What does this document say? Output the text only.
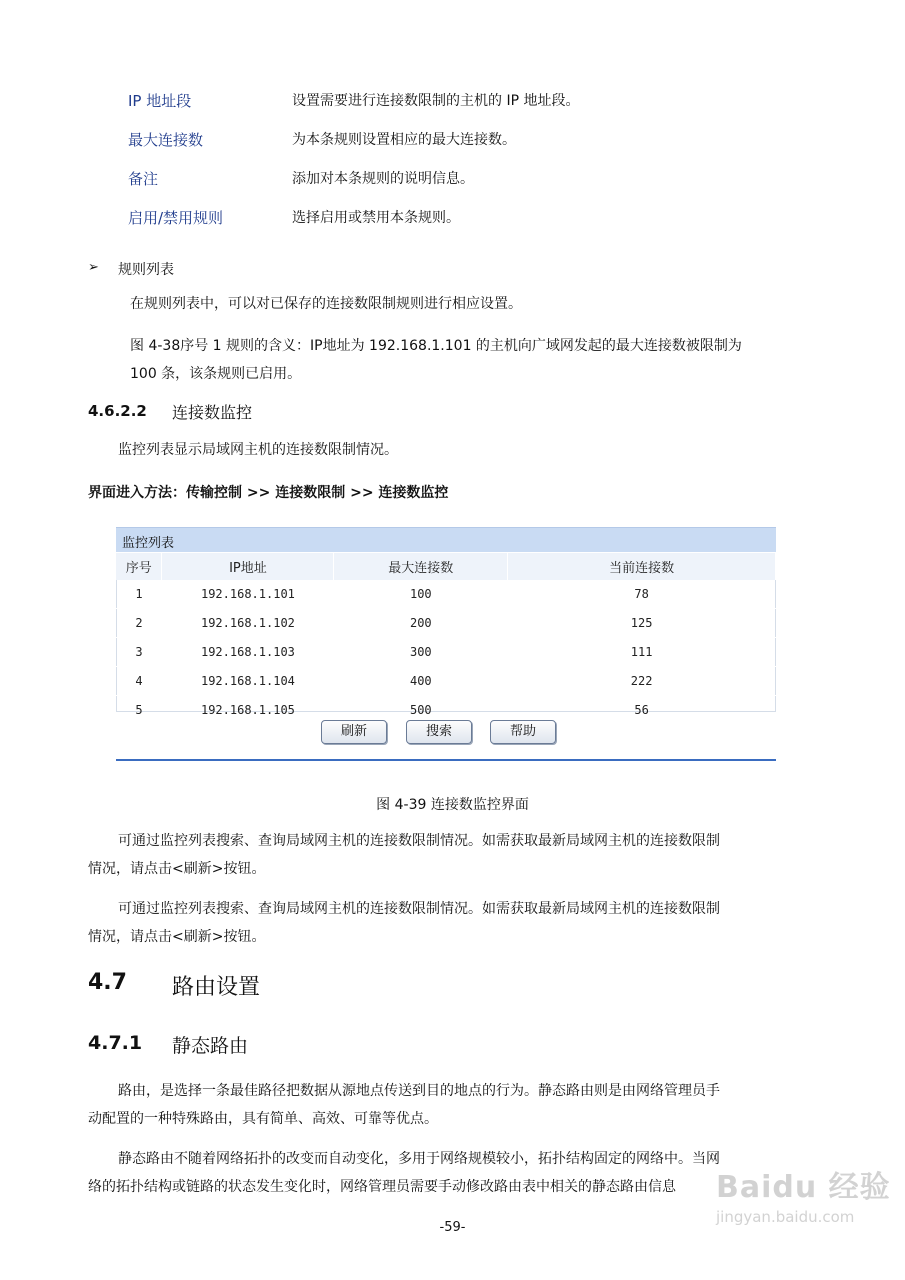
IP 地址段	设置需要进行连接数限制的主机的 IP 地址段。
最大连接数	为本条规则设置相应的最大连接数。
备注	添加对本条规则的说明信息。
启用/禁用规则	选择启用或禁用本条规则。
➢ 规则列表

在规则列表中，可以对已保存的连接数限制规则进行相应设置。

图 4-38序号 1 规则的含义：IP地址为 192.168.1.101 的主机向广域网发起的最大连接数被限制为

100 条，该条规则已启用。

4.6.2.2 连接数监控

监控列表显示局域网主机的连接数限制情况。

界面进入方法：传输控制 >> 连接数限制 >> 连接数监控
监控列表
序号	IP地址	最大连接数	当前连接数
1	192.168.1.101	100	78
2	192.168.1.102	200	125
3	192.168.1.103	300	111
4	192.168.1.104	400	222
5	192.168.1.105	500	56
刷新	搜索	帮助
图 4-39 连接数监控界面

可通过监控列表搜索、查询局域网主机的连接数限制情况。如需获取最新局域网主机的连接数限制

情况，请点击<刷新>按钮。

可通过监控列表搜索、查询局域网主机的连接数限制情况。如需获取最新局域网主机的连接数限制

情况，请点击<刷新>按钮。

4.7 路由设置
4.7.1 静态路由

路由，是选择一条最佳路径把数据从源地点传送到目的地点的行为。静态路由则是由网络管理员手

动配置的一种特殊路由，具有简单、高效、可靠等优点。

静态路由不随着网络拓扑的改变而自动变化，多用于网络规模较小，拓扑结构固定的网络中。当网

络的拓扑结构或链路的状态发生变化时，网络管理员需要手动修改路由表中相关的静态路由信息

-59-
Baidu 经验
jingyan.baidu.com
